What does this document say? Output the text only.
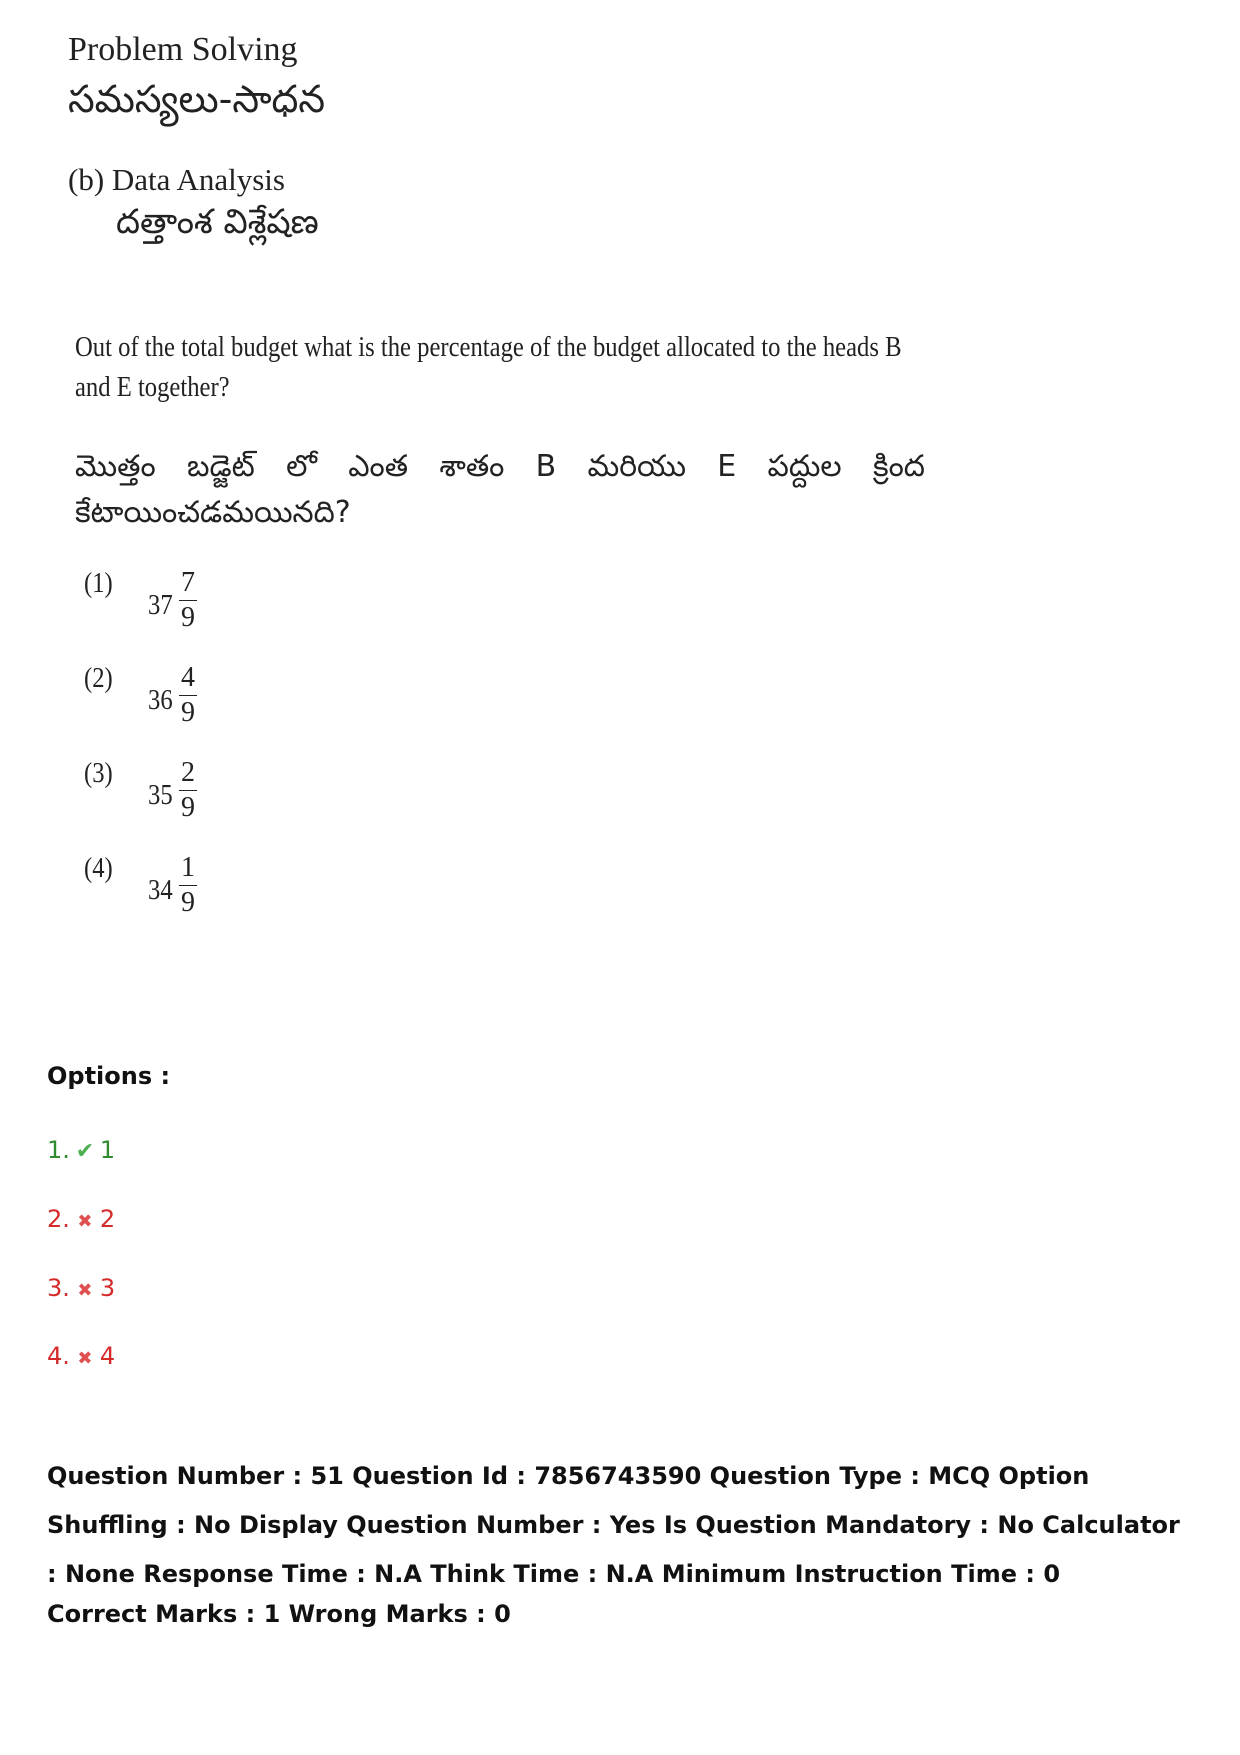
Problem Solving
సమస్యలు-సాధన
(b) Data Analysis
దత్తాంశ విశ్లేషణ
Out of the total budget what is the percentage of the budget allocated to the heads B and E together?
మొత్తం బడ్జెట్ లో ఎంత శాతం B మరియు E పద్దుల క్రింద కేటాయించడమయినది?
(1)
37
7
9
(2)
36
4
9
(3)
35
2
9
(4)
34
1
9
Options :
1. ✔ 1
2. ✖ 2
3. ✖ 3
4. ✖ 4
Question Number : 51 Question Id : 7856743590 Question Type : MCQ Option Shuffling : No Display Question Number : Yes Is Question Mandatory : No Calculator : None Response Time : N.A Think Time : N.A Minimum Instruction Time : 0
Correct Marks : 1 Wrong Marks : 0
